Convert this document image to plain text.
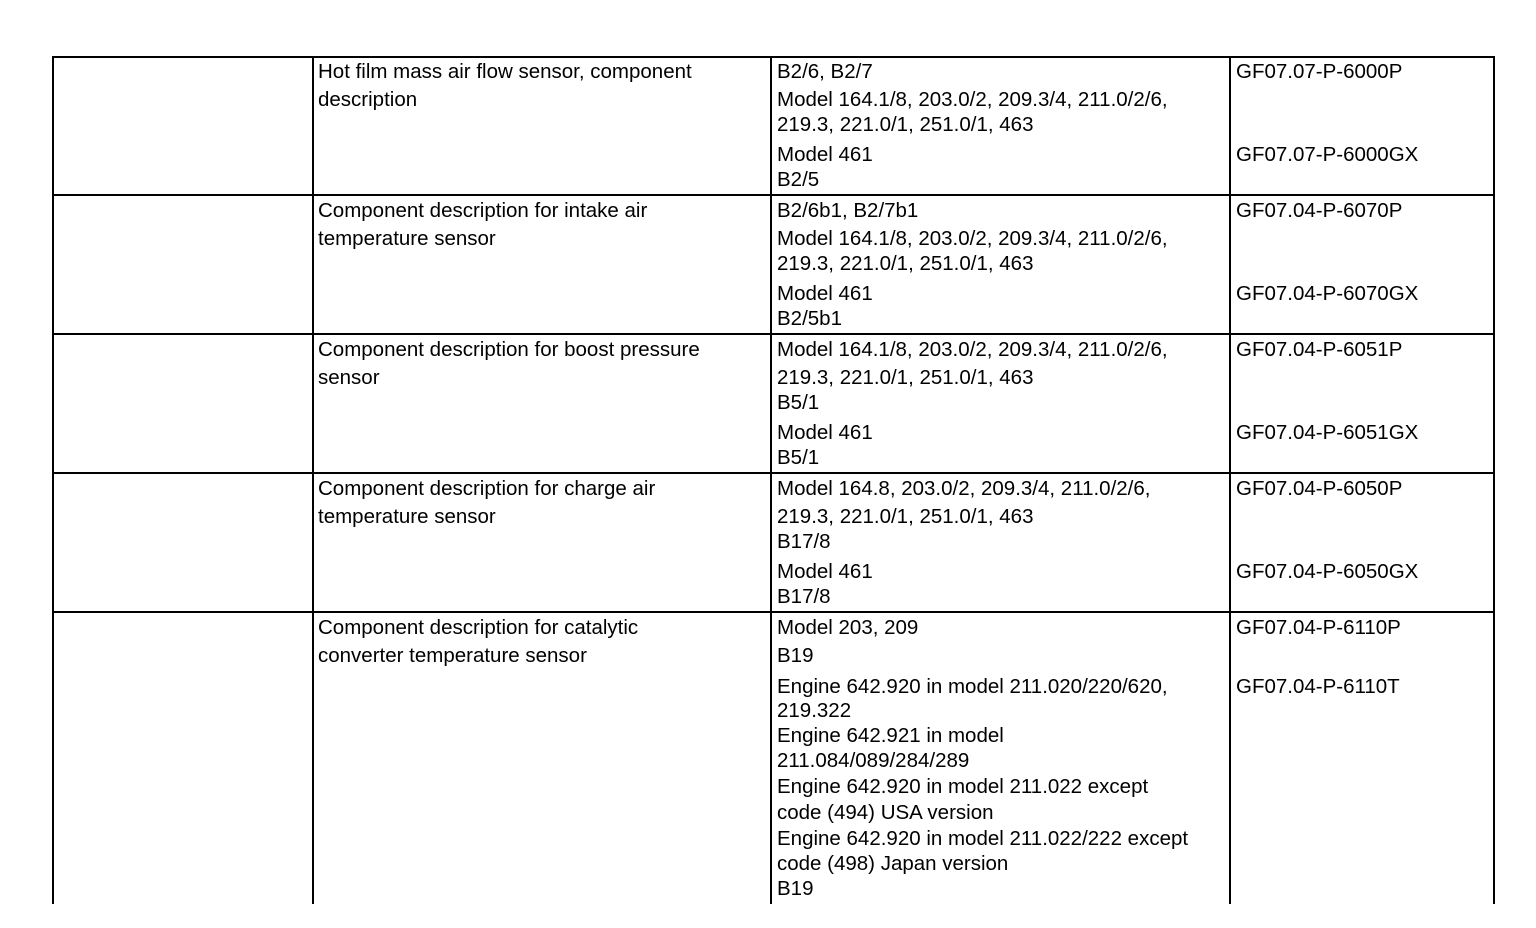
Hot film mass air flow sensor, component
description
B2/6, B2/7
Model 164.1/8, 203.0/2, 209.3/4, 211.0/2/6,
219.3, 221.0/1, 251.0/1, 463
GF07.07-P-6000P
Model 461
B2/5
GF07.07-P-6000GX
Component description for intake air
temperature sensor
B2/6b1, B2/7b1
Model 164.1/8, 203.0/2, 209.3/4, 211.0/2/6,
219.3, 221.0/1, 251.0/1, 463
GF07.04-P-6070P
Model 461
B2/5b1
GF07.04-P-6070GX
Component description for boost pressure
sensor
Model 164.1/8, 203.0/2, 209.3/4, 211.0/2/6,
219.3, 221.0/1, 251.0/1, 463
B5/1
GF07.04-P-6051P
Model 461
B5/1
GF07.04-P-6051GX
Component description for charge air
temperature sensor
Model 164.8, 203.0/2, 209.3/4, 211.0/2/6,
219.3, 221.0/1, 251.0/1, 463
B17/8
GF07.04-P-6050P
Model 461
B17/8
GF07.04-P-6050GX
Component description for catalytic
converter temperature sensor
Model 203, 209
B19
GF07.04-P-6110P
Engine 642.920 in model 211.020/220/620,
219.322
Engine 642.921 in model
211.084/089/284/289
Engine 642.920 in model 211.022 except
code (494) USA version
Engine 642.920 in model 211.022/222 except
code (498) Japan version
B19
GF07.04-P-6110T
